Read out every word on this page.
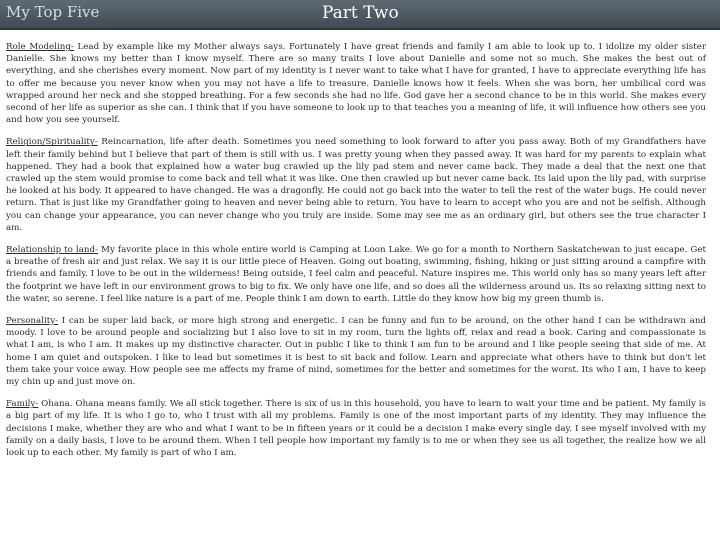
My Top Five	Part Two

Role Modeling- Lead by example like my Mother always says. Fortunately I have great friends and family I am able to look up to. I idolize my older sister Danielle. She knows my better than I know myself. There are so many traits I love about Danielle and some not so much. She makes the best out of everything, and she cherishes every moment. Now part of my identity is I never want to take what I have for granted, I have to appreciate everything life has to offer me because you never know when you may not have a life to treasure. Danielle knows how it feels. When she was born, her umbilical cord was wrapped around her neck and she stopped breathing. For a few seconds she had no life. God gave her a second chance to be in this world. She makes every second of her life as superior as she can. I think that if you have someone to look up to that teaches you a meaning of life, it will influence how others see you and how you see yourself.

Religion/Spirituality- Reincarnation, life after death. Sometimes you need something to look forward to after you pass away. Both of my Grandfathers have left their family behind but I believe that part of them is still with us. I was pretty young when they passed away. It was hard for my parents to explain what happened. They had a book that explained how a water bug crawled up the lily pad stem and never came back. They made a deal that the next one that crawled up the stem would promise to come back and tell what it was like. One then crawled up but never came back. Its laid upon the lily pad, with surprise he looked at his body. It appeared to have changed. He was a dragonfly. He could not go back into the water to tell the rest of the water bugs. He could never return. That is just like my Grandfather going to heaven and never being able to return. You have to learn to accept who you are and not be selfish. Although you can change your appearance, you can never change who you truly are inside. Some may see me as an ordinary girl, but others see the true character I am.

Relationship to land- My favorite place in this whole entire world is Camping at Loon Lake. We go for a month to Northern Saskatchewan to just escape. Get a breathe of fresh air and just relax. We say it is our little piece of Heaven. Going out boating, swimming, fishing, hiking or just sitting around a campfire with friends and family. I love to be out in the wilderness! Being outside, I feel calm and peaceful. Nature inspires me. This world only has so many years left after the footprint we have left in our environment grows to big to fix. We only have one life, and so does all the wilderness around us. Its so relaxing sitting next to the water, so serene. I feel like nature is a part of me. People think I am down to earth. Little do they know how big my green thumb is.

Personality- I can be super laid back, or more high strong and energetic. I can be funny and fun to be around, on the other hand I can be withdrawn and moody. I love to be around people and socializing but I also love to sit in my room, turn the lights off, relax and read a book. Caring and compassionate is what I am, is who I am. It makes up my distinctive character. Out in public I like to think I am fun to be around and I like people seeing that side of me. At home I am quiet and outspoken. I like to lead but sometimes it is best to sit back and follow. Learn and appreciate what others have to think but don't let them take your voice away. How people see me affects my frame of mind, sometimes for the better and sometimes for the worst. Its who I am, I have to keep my chin up and just move on.

Family- Ohana. Ohana means family. We all stick together. There is six of us in this household, you have to learn to wait your time and be patient. My family is a big part of my life. It is who I go to, who I trust with all my problems. Family is one of the most important parts of my identity. They may influence the decisions I make, whether they are who and what I want to be in fifteen years or it could be a decision I make every single day. I see myself involved with my family on a daily basis, I love to be around them. When I tell people how important my family is to me or when they see us all together, the realize how we all look up to each other. My family is part of who I am.
